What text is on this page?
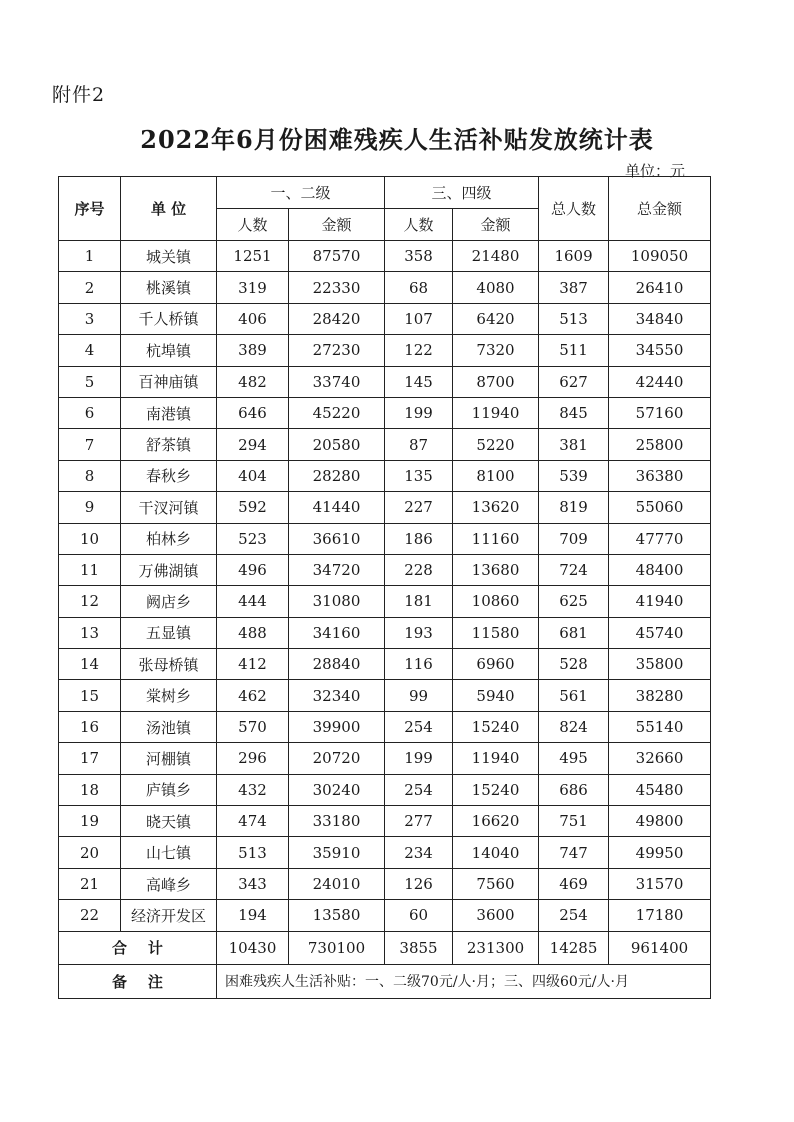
附件2
2022年6月份困难残疾人生活补贴发放统计表
单位：元
序号	单 位	一、二级		三、四级		总人数	总金额
		人数	金额	人数	金额		
1	城关镇	1251	87570	358	21480	1609	109050
2	桃溪镇	319	22330	68	4080	387	26410
3	千人桥镇	406	28420	107	6420	513	34840
4	杭埠镇	389	27230	122	7320	511	34550
5	百神庙镇	482	33740	145	8700	627	42440
6	南港镇	646	45220	199	11940	845	57160
7	舒茶镇	294	20580	87	5220	381	25800
8	春秋乡	404	28280	135	8100	539	36380
9	干汊河镇	592	41440	227	13620	819	55060
10	柏林乡	523	36610	186	11160	709	47770
11	万佛湖镇	496	34720	228	13680	724	48400
12	阙店乡	444	31080	181	10860	625	41940
13	五显镇	488	34160	193	11580	681	45740
14	张母桥镇	412	28840	116	6960	528	35800
15	棠树乡	462	32340	99	5940	561	38280
16	汤池镇	570	39900	254	15240	824	55140
17	河棚镇	296	20720	199	11940	495	32660
18	庐镇乡	432	30240	254	15240	686	45480
19	晓天镇	474	33180	277	16620	751	49800
20	山七镇	513	35910	234	14040	747	49950
21	高峰乡	343	24010	126	7560	469	31570
22	经济开发区	194	13580	60	3600	254	17180
合    计		10430	730100	3855	231300	14285	961400
备    注		困难残疾人生活补贴：一、二级70元/人·月；三、四级60元/人·月					
